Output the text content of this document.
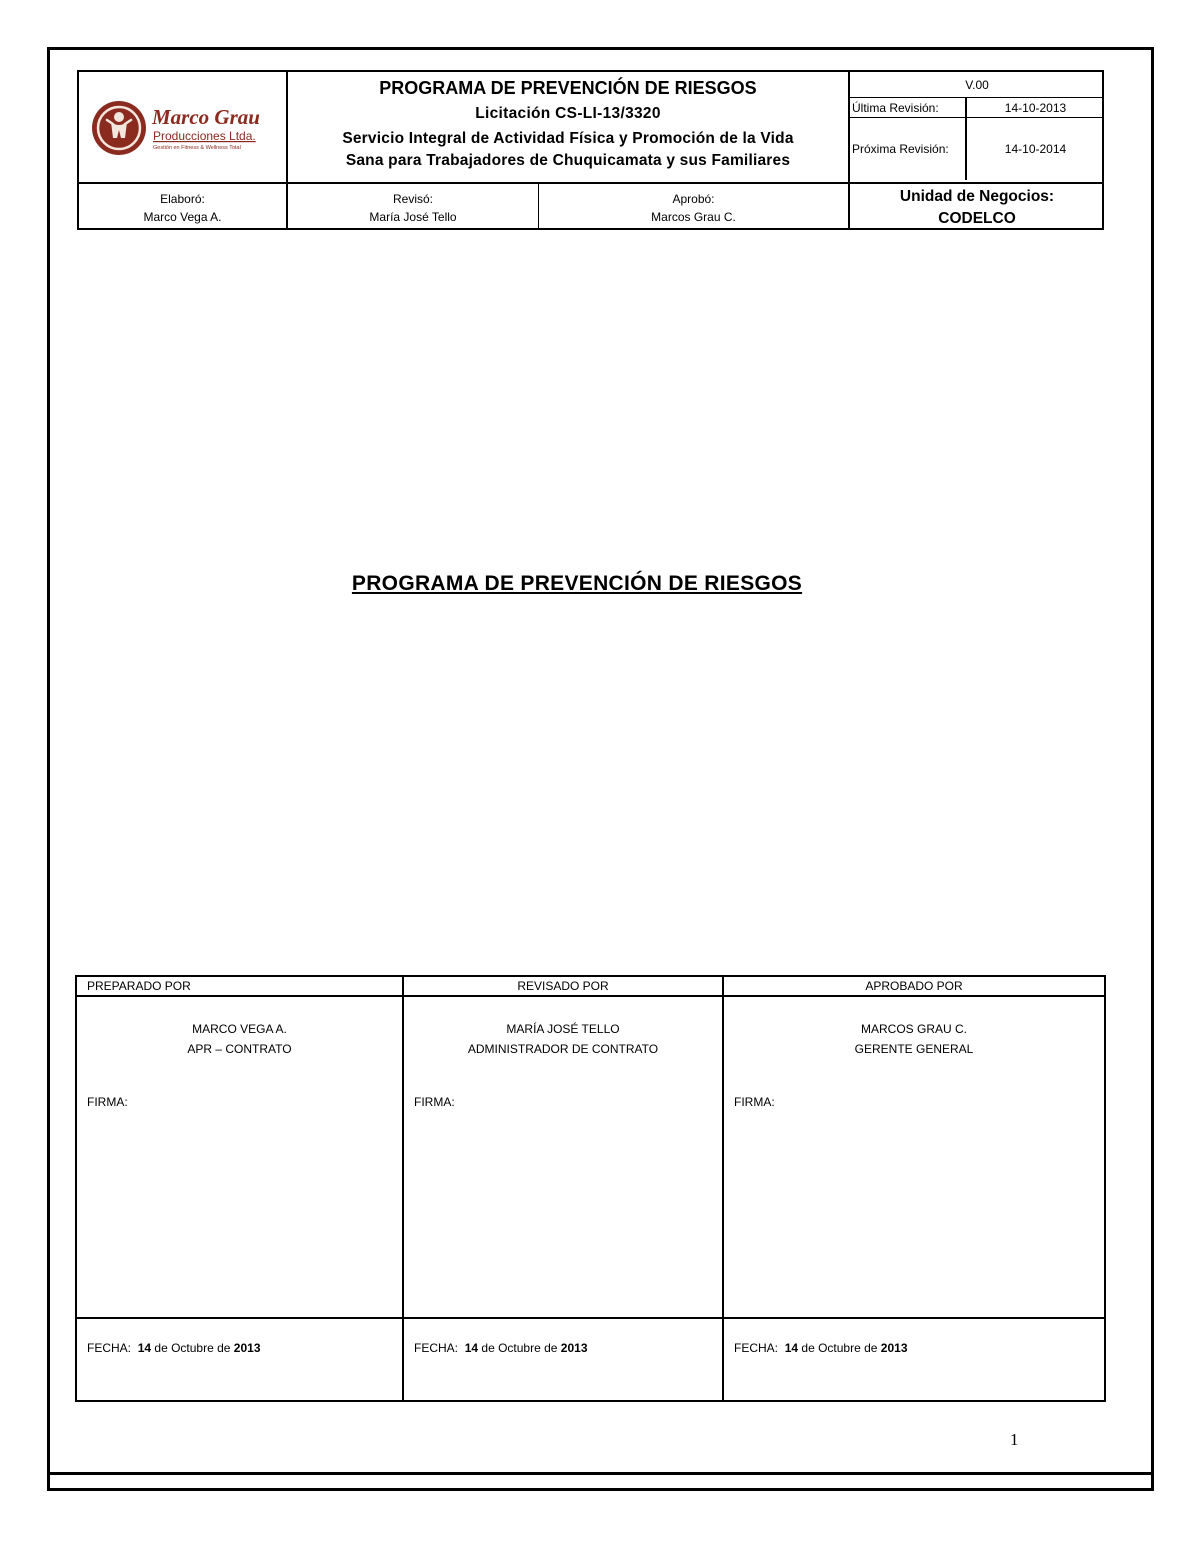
Marco Grau
Producciones Ltda.
Gestión en Fitness & Wellness Total
PROGRAMA DE PREVENCIÓN DE RIESGOS
Licitación CS-LI-13/3320
Servicio Integral de Actividad Física y Promoción de la Vida
Sana para Trabajadores de Chuquicamata y sus Familiares
V.00
Última Revisión:	14-10-2013
Próxima Revisión:	14-10-2014
Elaboró:
Marco Vega A.
Revisó:
María José Tello
Aprobó:
Marcos Grau C.
Unidad de Negocios:
CODELCO
PROGRAMA DE PREVENCIÓN DE RIESGOS
PREPARADO POR
MARCO VEGA A.
APR – CONTRATO
FIRMA:
FECHA: 14 de Octubre de 2013
REVISADO POR
MARÍA JOSÉ TELLO
ADMINISTRADOR DE CONTRATO
FIRMA:
FECHA: 14 de Octubre de 2013
APROBADO POR
MARCOS GRAU C.
GERENTE GENERAL
FIRMA:
FECHA: 14 de Octubre de 2013
1
